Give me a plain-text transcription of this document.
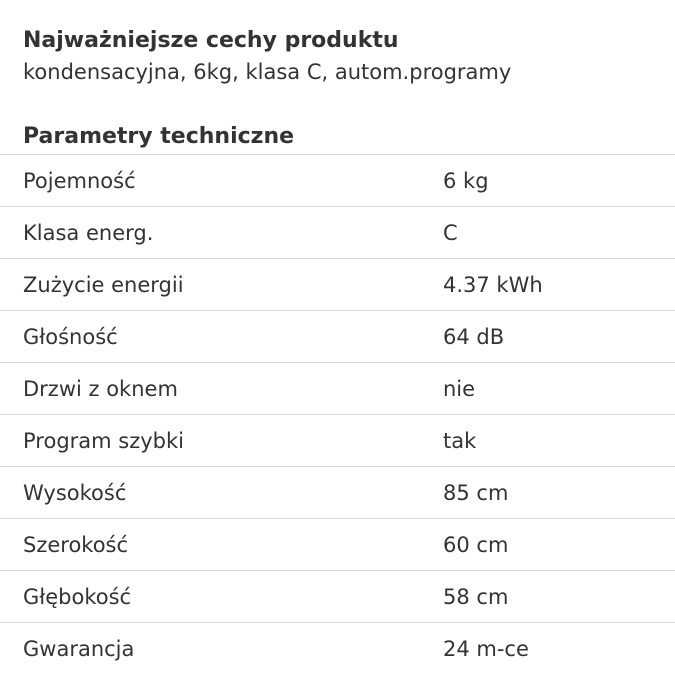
Najważniejsze cechy produktu
kondensacyjna, 6kg, klasa C, autom.programy
Parametry techniczne
Pojemność	6 kg
Klasa energ.	C
Zużycie energii	4.37 kWh
Głośność	64 dB
Drzwi z oknem	nie
Program szybki	tak
Wysokość	85 cm
Szerokość	60 cm
Głębokość	58 cm
Gwarancja	24 m-ce
